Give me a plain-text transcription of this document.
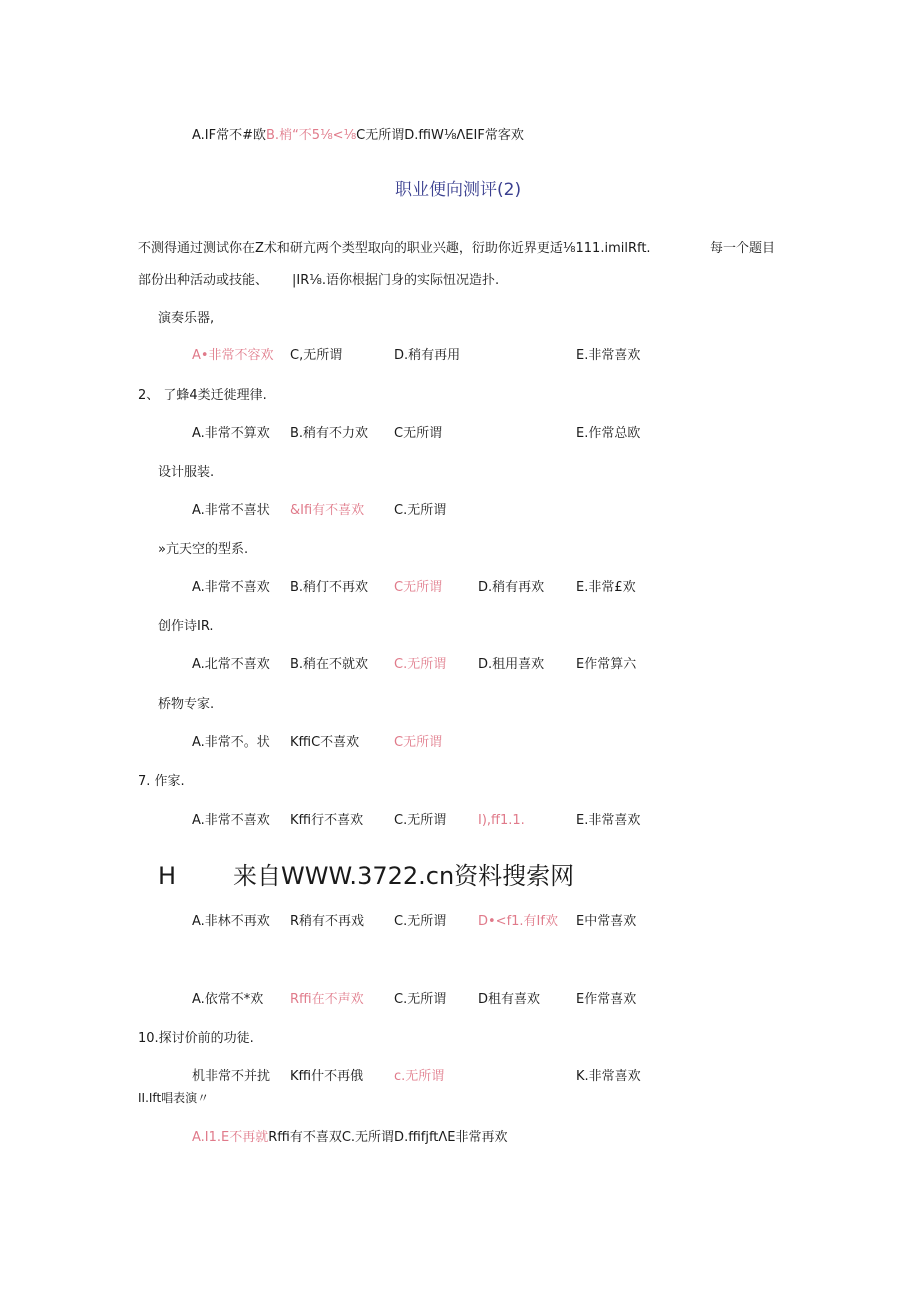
A.IF常不#欧B.梢“不5⅛<⅛C无所谓D.ffiW⅛ΛEIF常客欢
职业便向测评(2)
不测得通过测试你在Z术和研亢两个类型取向的职业兴趣，衍助你近界更适⅛111.imilRft.	每一个题目
部份出种活动或技能、 |IR⅛.语你根据门身的实际忸况造扑.
演奏乐器,
A•非常不容欢 C,无所谓	D.稍有再用	E.非常喜欢
2、 了蜂4类迁徙理律.
A.非常不算欢 B.稍有不力欢 C无所谓	E.作常总欧
设计服装.
A.非常不喜状 &Ifi有不喜欢 C.无所谓
»亢天空的型系.
A.非常不喜欢 B.稍仃不再欢 C无所谓	D.稍有再欢 E.非常£欢
创作诗IR.
A.北常不喜欢 B.稍在不就欢 C.无所谓 D.租用喜欢 E作常算六
桥物专家.
A.非常不。状 KffiC不喜欢	C无所谓
7. 作家.
A.非常不喜欢 Kffi行不喜欢 C.无所谓 I),ff1.1.	E.非常喜欢
H 来自WWW.3722.cn资料搜索网
A.非林不再欢 R稍有不再戏 C.无所谓 D•<f1.有If欢 E中常喜欢
A.依常不*欢 Rffi在不声欢 C.无所谓 D租有喜欢	E作常喜欢
10.探讨价前的功徒.
机非常不并扰 Kffi什不再俄 c.无所谓	K.非常喜欢
II.Ift唱表演〃
A.I1.E不再就Rffi有不喜双C.无所谓D.ffifjftΛE非常再欢
